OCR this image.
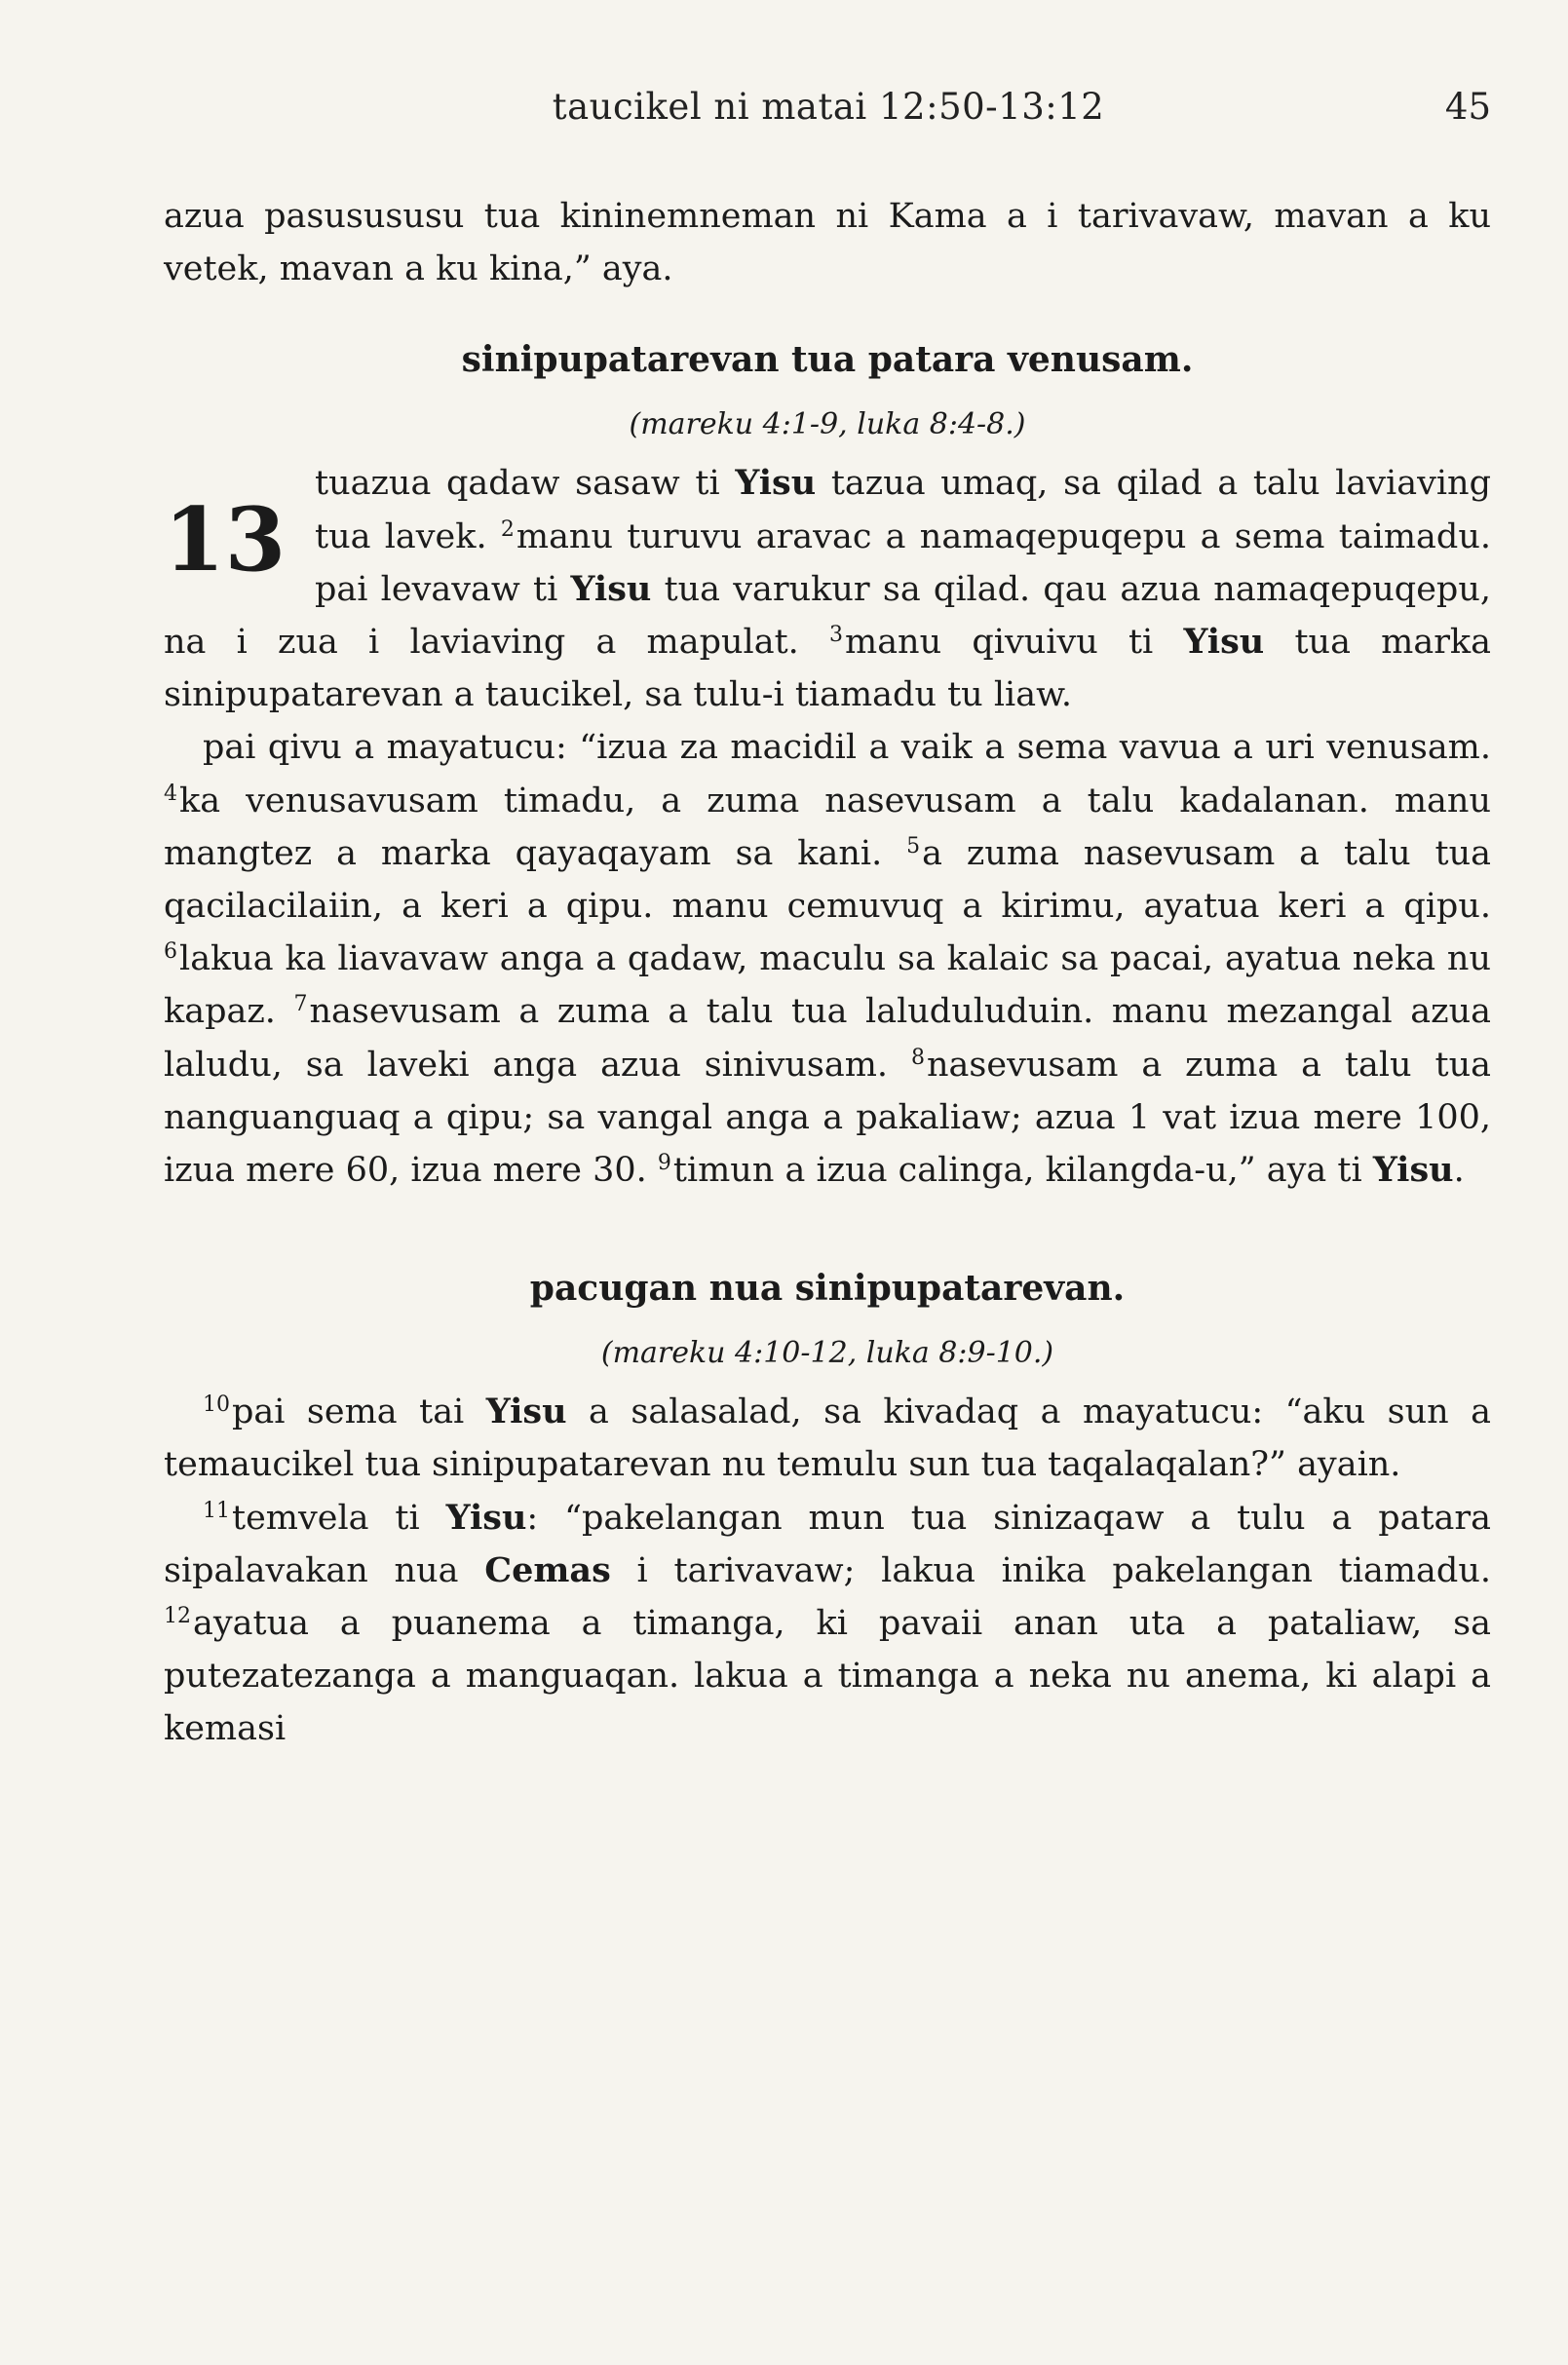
taucikel ni matai 12:50-13:12	45

azua pasusususu tua kininemneman ni Kama a i tarivavaw, mavan a ku vetek, mavan a ku kina,” aya.

sinipupatarevan tua patara venusam.
(mareku 4:1-9, luka 8:4-8.)
13

tuazua qadaw sasaw ti Yisu tazua umaq, sa qilad a talu laviaving tua lavek. $^2$manu turuvu aravac a namaqepuqepu a sema taimadu. pai levavaw ti Yisu tua varukur sa qilad. qau azua namaqepuqepu, na i zua i laviaving a mapulat. $^3$manu qivuivu ti Yisu tua marka sinipupatarevan a taucikel, sa tulu-i tiamadu tu liaw.

pai qivu a mayatucu: “izua za macidil a vaik a sema vavua a uri venusam. $^4$ka venusavusam timadu, a zuma nasevusam a talu kadalanan. manu mangtez a marka qayaqayam sa kani. $^5$a zuma nasevusam a talu tua qacilacilaiin, a keri a qipu. manu cemuvuq a kirimu, ayatua keri a qipu. $^6$lakua ka liavavaw anga a qadaw, maculu sa kalaic sa pacai, ayatua neka nu kapaz. $^7$nasevusam a zuma a talu tua laluduluduin. manu mezangal azua laludu, sa laveki anga azua sinivusam. $^8$nasevusam a zuma a talu tua nanguanguaq a qipu; sa vangal anga a pakaliaw; azua 1 vat izua mere 100, izua mere 60, izua mere 30. $^9$timun a izua calinga, kilangda-u,” aya ti Yisu.

pacugan nua sinipupatarevan.
(mareku 4:10-12, luka 8:9-10.)

$^{10}$pai sema tai Yisu a salasalad, sa kivadaq a mayatucu: “aku sun a temaucikel tua sinipupatarevan nu temulu sun tua taqalaqalan?” ayain.

$^{11}$temvela ti Yisu: “pakelangan mun tua sinizaqaw a tulu a patara sipalavakan nua Cemas i tarivavaw; lakua inika pakelangan tiamadu. $^{12}$ayatua a puanema a timanga, ki pavaii anan uta a pataliaw, sa putezatezanga a manguaqan. lakua a timanga a neka nu anema, ki alapi a kemasi
